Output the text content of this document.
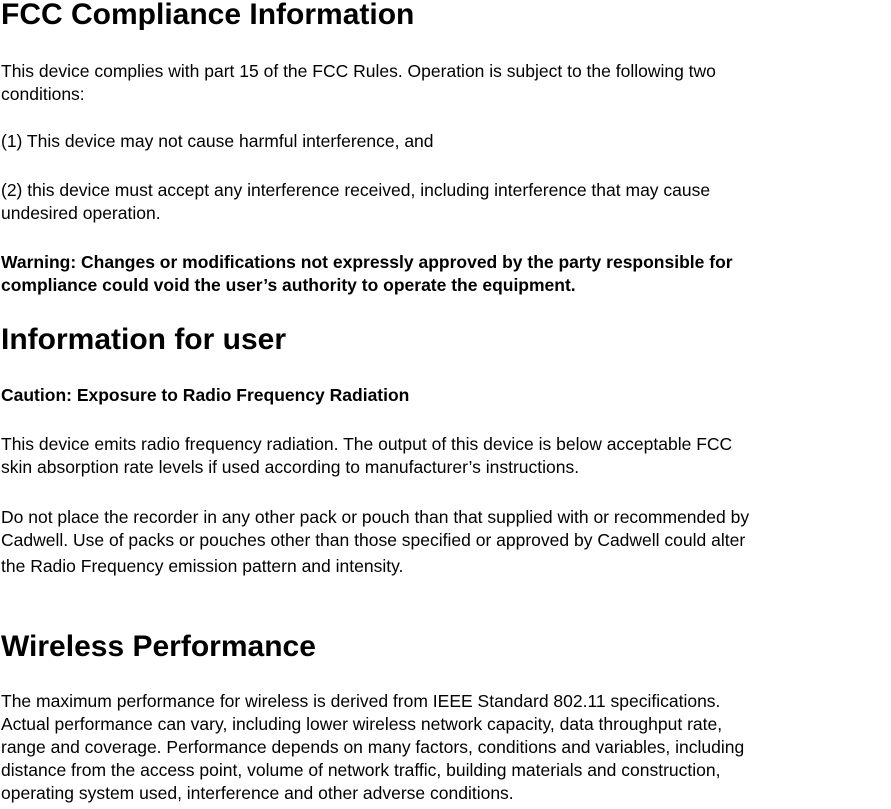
FCC Compliance Information
This device complies with part 15 of the FCC Rules. Operation is subject to the following two
conditions:
(1) This device may not cause harmful interference, and
(2) this device must accept any interference received, including interference that may cause
undesired operation.
Warning: Changes or modifications not expressly approved by the party responsible for
compliance could void the user’s authority to operate the equipment.
Information for user
Caution: Exposure to Radio Frequency Radiation
This device emits radio frequency radiation. The output of this device is below acceptable FCC
skin absorption rate levels if used according to manufacturer’s instructions.
Do not place the recorder in any other pack or pouch than that supplied with or recommended by
Cadwell. Use of packs or pouches other than those specified or approved by Cadwell could alter
the Radio Frequency emission pattern and intensity.
Wireless Performance
The maximum performance for wireless is derived from IEEE Standard 802.11 specifications.
Actual performance can vary, including lower wireless network capacity, data throughput rate,
range and coverage. Performance depends on many factors, conditions and variables, including
distance from the access point, volume of network traffic, building materials and construction,
operating system used, interference and other adverse conditions.
